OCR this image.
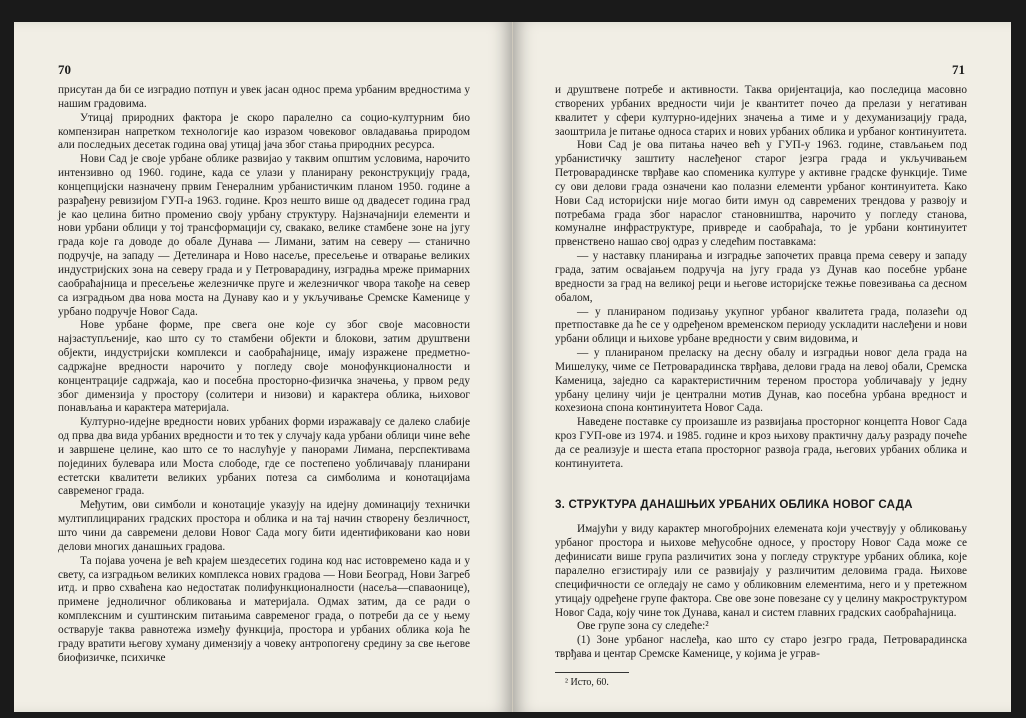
70

присутан да би се изградио потпун и увек јасан однос према урбаним вредностима у нашим градовима.

Утицај природних фактора је скоро паралелно са социо-културним био компензиран напретком технологије као изразом човековог овладавања природом али последњих десетак година овај утицај јача због стања природних ресурса.

Нови Сад је своје урбане облике развијао у таквим општим условима, нарочито интензивно од 1960. године, када се улази у планирану реконструкцију града, концепцијски назначену првим Генералним урбанистичким планом 1950. године а разрађену ревизијом ГУП-а 1963. године. Кроз нешто више од двадесет година град је као целина битно променио своју урбану структуру. Најзначајнији елементи и нови урбани облици у тој трансформацији су, свакако, велике стамбене зоне на југу града које га доводе до обале Дунава — Лимани, затим на северу — станично подручје, на западу — Детелинара и Ново насеље, пресељење и отварање великих индустријских зона на северу града и у Петроварадину, изградња мреже примарних саобраћајница и пресељење железничке пруге и железничког чвора такође на север са изградњом два нова моста на Дунаву као и у укључивање Сремске Каменице у урбано подручје Новог Сада.

Нове урбане форме, пре свега оне које су због своје масовности најзаступљеније, као што су то стамбени објекти и блокови, затим друштвени објекти, индустријски комплекси и саобраћајнице, имају изражене предметно-садржајне вредности нарочито у погледу своје монофункционалности и концентрације садржаја, као и посебна просторно-физичка значења, у првом реду због димензија у простору (солитери и низови) и карактера облика, њиховог понављања и карактера материјала.

Културно-идејне вредности нових урбаних форми изражавају се далеко слабије од прва два вида урбаних вредности и то тек у случају када урбани облици чине веће и завршене целине, као што се то наслућује у панорами Лимана, перспективама појединих булевара или Моста слободе, где се постепено уобличавају планирани естетски квалитети великих урбаних потеза са симболима и конотацијама савременог града.

Међутим, ови симболи и конотације указују на идејну доминацију технички мултиплицираних градских простора и облика и на тај начин створену безличност, што чини да савремени делови Новог Сада могу бити идентификовани као нови делови многих данашњих градова.

Та појава уочена је већ крајем шездесетих година код нас истовремено када и у свету, са изградњом великих комплекса нових градова — Нови Београд, Нови Загреб итд. и прво схваћена као недостатак полифункционалности (насеља—спаваонице), примене једноличног обликовања и материјала. Одмах затим, да се ради о комплексним и суштинским питањима савременог града, о потреби да се у њему остварује таква равнотежа између функција, простора и урбаних облика која ће граду вратити његову хуману димензију а човеку антропогену средину за све његове биофизичке, психичке

71

и друштвене потребе и активности. Таква оријентација, као последица масовно створених урбаних вредности чији је квантитет почео да прелази у негативан квалитет у сфери културно-идејних значења а тиме и у дехуманизацију града, заоштрила је питање односа старих и нових урбаних облика и урбаног континуитета.

Нови Сад је ова питања начео већ у ГУП-у 1963. године, стављањем под урбанистичку заштиту наслеђеног старог језгра града и укључивањем Петроварадинске тврђаве као споменика културе у активне градске функције. Тиме су ови делови града означени као полазни елементи урбаног континуитета. Како Нови Сад историјски није могао бити имун од савремених трендова у развоју и потребама града због нараслог становништва, нарочито у погледу станова, комуналне инфраструктуре, привреде и саобраћаја, то је урбани континуитет првенствено нашао свој одраз у следећим поставкама:

— у наставку планирања и изградње започетих правца према северу и западу града, затим освајањем подручја на југу града уз Дунав као посебне урбане вредности за град на великој реци и његове историјске тежње повезивања са десном обалом,

— у планираном подизању укупног урбаног квалитета града, полазећи од претпоставке да ће се у одређеном временском периоду ускладити наслеђени и нови урбани облици и њихове урбане вредности у свим видовима, и

— у планираном преласку на десну обалу и изградњи новог дела града на Мишелуку, чиме се Петроварадинска тврђава, делови града на левој обали, Сремска Каменица, заједно са карактеристичним тереном простора уобличавају у једну урбану целину чији је централни мотив Дунав, као посебна урбана вредност и кохезиона спона континуитета Новог Сада.

Наведене поставке су произашле из развијања просторног концепта Новог Сада кроз ГУП-ове из 1974. и 1985. године и кроз њихову практичну даљу разраду почеће да се реализује и шеста етапа просторног развоја града, његових урбаних облика и континуитета.

3. СТРУКТУРА ДАНАШЊИХ УРБАНИХ ОБЛИКА НОВОГ САДА

Имајући у виду карактер многобројних елемената који учествују у обликовању урбаног простора и њихове међусобне односе, у простору Новог Сада може се дефинисати више група различитих зона у погледу структуре урбаних облика, које паралелно егзистирају или се развијају у различитим деловима града. Њихове специфичности се огледају не само у обликовним елементима, него и у претежном утицају одређене групе фактора. Све ове зоне повезане су у целину макроструктуром Новог Сада, коју чине ток Дунава, канал и систем главних градских саобраћајница.

Ове групе зона су следеће:²

(1) Зоне урбаног наслеђа, као што су старо језгро града, Петроварадинска тврђава и центар Сремске Каменице, у којима је уграв-

² Исто, 60.
